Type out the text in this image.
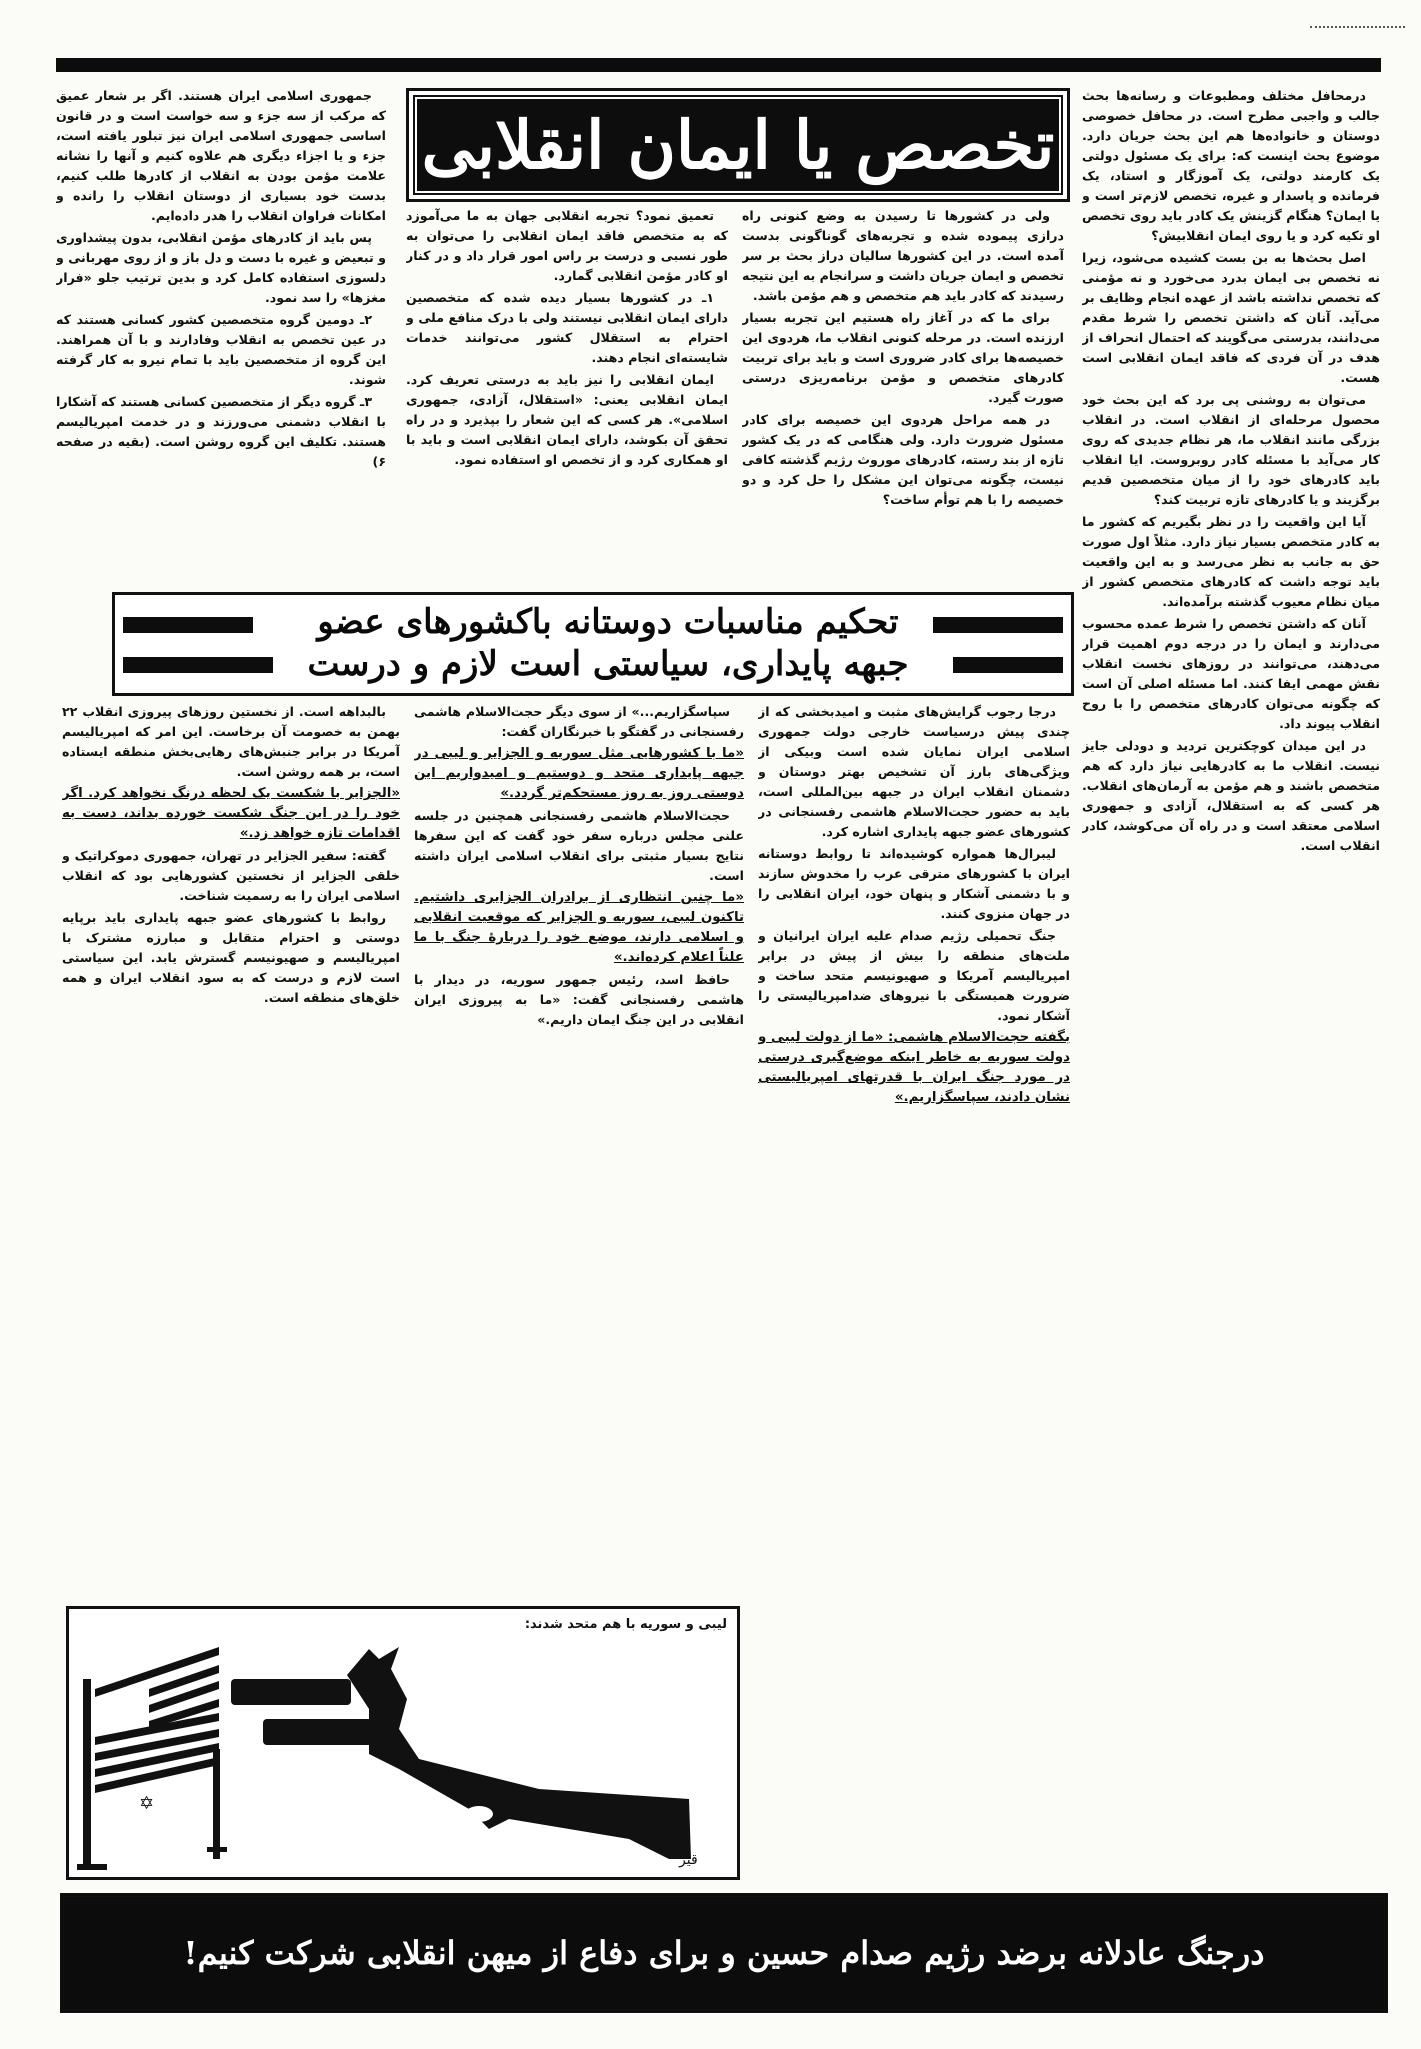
درمحافل مختلف ومطبوعات و رسانه‌ها بحث جالب و واجبی مطرح است. در محافل خصوصی دوستان و خانواده‌ها هم این بحث جریان دارد. موضوع بحث اینست که: برای یک مسئول دولتی یک کارمند دولتی، یک آموزگار و استاد، یک فرمانده و پاسدار و غیره، تخصص لازم‌تر است و یا ایمان؟ هنگام گزینش یک کادر باید روی تخصص او تکیه کرد و یا روی ایمان انقلابیش؟

اصل بحث‌ها به بن بست کشیده می‌شود، زیرا نه تخصص بی ایمان بدرد می‌خورد و نه مؤمنی که تخصص نداشته باشد از عهده انجام وظایف بر می‌آید. آنان که داشتن تخصص را شرط مقدم می‌دانند، بدرستی می‌گویند که احتمال انحراف از هدف در آن فردی که فاقد ایمان انقلابی است هست.

می‌توان به روشنی پی برد که این بحث خود محصول مرحله‌ای از انقلاب است. در انقلاب بزرگی مانند انقلاب ما، هر نظام جدیدی که روی کار می‌آید با مسئله کادر روبروست. ایا انقلاب باید کادرهای خود را از میان متخصصین قدیم برگزیند و یا کادرهای تازه تربیت کند؟

آیا این واقعیت را در نظر بگیریم که کشور ما به کادر متخصص بسیار نیاز دارد. مثلاً اول صورت حق به جانب به نظر می‌رسد و به این واقعیت باید توجه داشت که کادرهای متخصص کشور از میان نظام معیوب گذشته برآمده‌اند.

آنان که داشتن تخصص را شرط عمده محسوب می‌دارند و ایمان را در درجه دوم اهمیت قرار می‌دهند، می‌توانند در روزهای نخست انقلاب نقش مهمی ایفا کنند. اما مسئله اصلی آن است که چگونه می‌توان کادرهای متخصص را با روح انقلاب پیوند داد.

در این میدان کوچکترین تردید و دودلی جایز نیست. انقلاب ما به کادرهایی نیاز دارد که هم متخصص باشند و هم مؤمن به آرمان‌های انقلاب. هر کسی که به استقلال، آزادی و جمهوری اسلامی معتقد است و در راه آن می‌کوشد، کادر انقلاب است.

جمهوری اسلامی ایران هستند. اگر بر شعار عمیق که مرکب از سه جزء و سه خواست است و در قانون اساسی جمهوری اسلامی ایران نیز تبلور یافته است، جزء و یا اجزاء دیگری هم علاوه کنیم و آنها را نشانه علامت مؤمن بودن به انقلاب از کادرها طلب کنیم، بدست خود بسیاری از دوستان انقلاب را رانده و امکانات فراوان انقلاب را هدر داده‌ایم.

پس باید از کادرهای مؤمن انقلابی، بدون پیشداوری و تبعیض و غیره با دست و دل باز و از روی مهربانی و دلسوزی استفاده کامل کرد و بدین ترتیب جلو «فرار مغزها» را سد نمود.

۲ـ دومین گروه متخصصین کشور کسانی هستند که در عین تخصص به انقلاب وفادارند و با آن همراهند. این گروه از متخصصین باید با تمام نیرو به کار گرفته شوند.

۳ـ گروه دیگر از متخصصین کسانی هستند که آشکارا با انقلاب دشمنی می‌ورزند و در خدمت امپریالیسم هستند. تکلیف این گروه روشن است. (بقیه در صفحه ۶)

تخصص یا ایمان انقلابی

ولی در کشورها تا رسیدن به وضع کنونی راه درازی پیموده شده و تجربه‌های گوناگونی بدست آمده است. در این کشورها سالیان دراز بحث بر سر تخصص و ایمان جریان داشت و سرانجام به این نتیجه رسیدند که کادر باید هم متخصص و هم مؤمن باشد.

برای ما که در آغاز راه هستیم این تجربه بسیار ارزنده است. در مرحله کنونی انقلاب ما، هردوی این خصیصه‌ها برای کادر ضروری است و باید برای تربیت کادرهای متخصص و مؤمن برنامه‌ریزی درستی صورت گیرد.

در همه مراحل هردوی این خصیصه برای کادر مسئول ضرورت دارد. ولی هنگامی که در یک کشور تازه از بند رسته، کادرهای موروث رژیم گذشته کافی نیست، چگونه می‌توان این مشکل را حل کرد و دو خصیصه را با هم توأم ساخت؟

تعمیق نمود؟ تجربه انقلابی جهان به ما می‌آموزد که به متخصص فاقد ایمان انقلابی را می‌توان به طور نسبی و درست بر راس امور قرار داد و در کنار او کادر مؤمن انقلابی گمارد.

۱ـ در کشورها بسیار دیده شده که متخصصین دارای ایمان انقلابی نیستند ولی با درک منافع ملی و احترام به استقلال کشور می‌توانند خدمات شایسته‌ای انجام دهند.

ایمان انقلابی را نیز باید به درستی تعریف کرد. ایمان انقلابی یعنی: «استقلال، آزادی، جمهوری اسلامی». هر کسی که این شعار را بپذیرد و در راه تحقق آن بکوشد، دارای ایمان انقلابی است و باید با او همکاری کرد و از تخصص او استفاده نمود.

تحکیم مناسبات دوستانه باکشورهای عضو
جبهه پایداری، سیاستی است لازم و درست

درجا رجوب گرایش‌های مثبت و امیدبخشی که از چندی پیش درسیاست خارجی دولت جمهوری اسلامی ایران نمایان شده است وبیکی از ویژگی‌های بارز آن تشخیص بهتر دوستان و دشمنان انقلاب ایران در جبهه بین‌المللی است، باید به حضور حجت‌الاسلام هاشمی رفسنجانی در کشورهای عضو جبهه پایداری اشاره کرد.

لیبرال‌ها همواره کوشیده‌اند تا روابط دوستانه ایران با کشورهای مترقی عرب را مخدوش سازند و با دشمنی آشکار و پنهان خود، ایران انقلابی را در جهان منزوی کنند.

جنگ تحمیلی رژیم صدام علیه ایران ایرانیان و ملت‌های منطقه را بیش از پیش در برابر امپریالیسم آمریکا و صهیونیسم متحد ساخت و ضرورت همبستگی با نیروهای ضدامپریالیستی را آشکار نمود.

بگفته حجت‌الاسلام هاشمی: «ما از دولت لیبی و دولت سوریه به خاطر اینکه موضع‌گیری درستی در مورد جنگ ایران با قدرتهای امپریالیستی نشان دادند، سپاسگزاریم.»

سپاسگزاریم...» از سوی دیگر حجت‌الاسلام هاشمی رفسنجانی در گفتگو با خبرنگاران گفت:

«ما با کشورهایی مثل سوریه و الجزایر و لیبی در جبهه پایداری متحد و دوستیم و امیدواریم این دوستی روز به روز مستحکم‌تر گردد.»

حجت‌الاسلام هاشمی رفسنجانی همچنین در جلسه علنی مجلس درباره سفر خود گفت که این سفرها نتایج بسیار مثبتی برای انقلاب اسلامی ایران داشته است.

«ما چنین انتظاری از برادران الجزایری داشتیم. تاکنون لیبی، سوریه و الجزایر که موقعیت انقلابی و اسلامی دارند، موضع خود را دربارهٔ جنگ با ما علناً اعلام کرده‌اند.»

حافظ اسد، رئیس جمهور سوریه، در دیدار با هاشمی رفسنجانی گفت: «ما به پیروزی ایران انقلابی در این جنگ ایمان داریم.»

بالبداهه است. از نخستین روزهای پیروزی انقلاب ۲۲ بهمن به خصومت آن برخاست. این امر که امپریالیسم آمریکا در برابر جنبش‌های رهایی‌بخش منطقه ایستاده است، بر همه روشن است.

«الجزایر با شکست یک لحظه درنگ نخواهد کرد. اگر خود را در این جنگ شکست خورده بداند، دست به اقدامات تازه خواهد زد.»

گفته: سفیر الجزایر در تهران، جمهوری دموکراتیک و خلقی الجزایر از نخستین کشورهایی بود که انقلاب اسلامی ایران را به رسمیت شناخت.

روابط با کشورهای عضو جبهه پایداری باید برپایه دوستی و احترام متقابل و مبارزه مشترک با امپریالیسم و صهیونیسم گسترش یابد. این سیاستی است لازم و درست که به سود انقلاب ایران و همه خلق‌های منطقه است.

لیبی و سوریه با هم متحد شدند:
✡
قیر
درجنگ عادلانه برضد رژیم صدام حسین و برای دفاع از میهن انقلابی شرکت کنیم!
